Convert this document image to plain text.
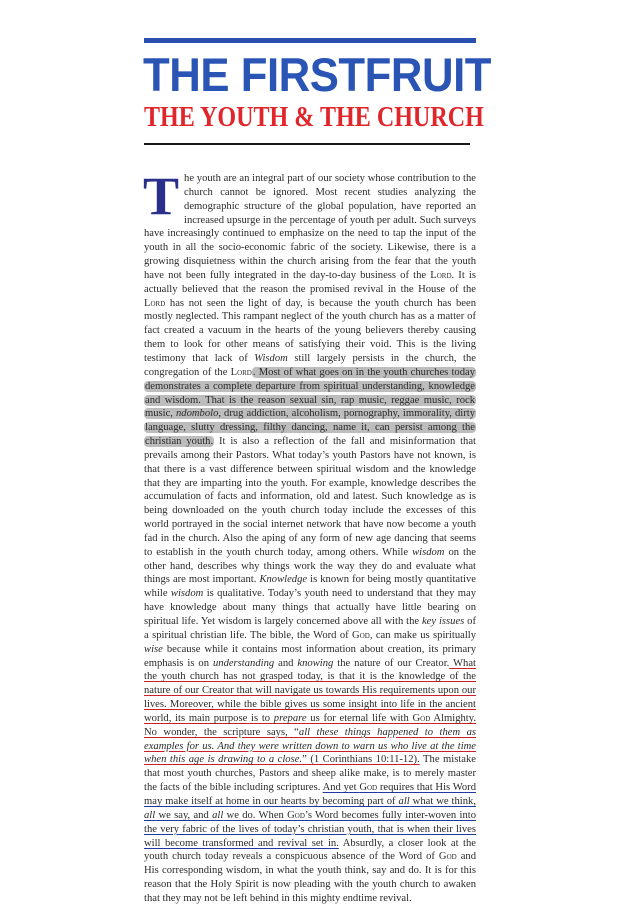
THE FIRSTFRUIT
THE YOUTH & THE CHURCH
The youth are an integral part of our society whose contribution to the church cannot be ignored. Most recent studies analyzing the demographic structure of the global population, have reported an increased upsurge in the percentage of youth per adult. Such surveys have increasingly continued to emphasize on the need to tap the input of the youth in all the socio-economic fabric of the society. Likewise, there is a growing disquietness within the church arising from the fear that the youth have not been fully integrated in the day-to-day business of the Lord. It is actually believed that the reason the promised revival in the House of the Lord has not seen the light of day, is because the youth church has been mostly neglected. This rampant neglect of the youth church has as a matter of fact created a vacuum in the hearts of the young believers thereby causing them to look for other means of satisfying their void. This is the living testimony that lack of Wisdom still largely persists in the church, the congregation of the Lord. Most of what goes on in the youth churches today demonstrates a complete departure from spiritual understanding, knowledge and wisdom. That is the reason sexual sin, rap music, reggae music, rock music, ndombolo, drug addiction, alcoholism, pornography, immorality, dirty language, slutty dressing, filthy dancing, name it, can persist among the christian youth. It is also a reflection of the fall and misinformation that prevails among their Pastors. What today’s youth Pastors have not known, is that there is a vast difference between spiritual wisdom and the knowledge that they are imparting into the youth. For example, knowledge describes the accumulation of facts and information, old and latest. Such knowledge as is being downloaded on the youth church today include the excesses of this world portrayed in the social internet network that have now become a youth fad in the church. Also the aping of any form of new age dancing that seems to establish in the youth church today, among others. While wisdom on the other hand, describes why things work the way they do and evaluate what things are most important. Knowledge is known for being mostly quantitative while wisdom is qualitative. Today’s youth need to understand that they may have knowledge about many things that actually have little bearing on spiritual life. Yet wisdom is largely concerned above all with the key issues of a spiritual christian life. The bible, the Word of God, can make us spiritually wise because while it contains most information about creation, its primary emphasis is on understanding and knowing the nature of our Creator. What the youth church has not grasped today, is that it is the knowledge of the nature of our Creator that will navigate us towards His requirements upon our lives. Moreover, while the bible gives us some insight into life in the ancient world, its main purpose is to prepare us for eternal life with God Almighty. No wonder, the scripture says, “all these things happened to them as examples for us. And they were written down to warn us who live at the time when this age is drawing to a close.” (1 Corinthians 10:11-12). The mistake that most youth churches, Pastors and sheep alike make, is to merely master the facts of the bible including scriptures. And yet God requires that His Word may make itself at home in our hearts by becoming part of all what we think, all we say, and all we do. When God’s Word becomes fully inter-woven into the very fabric of the lives of today’s christian youth, that is when their lives will become transformed and revival set in. Absurdly, a closer look at the youth church today reveals a conspicuous absence of the Word of God and His corresponding wisdom, in what the youth think, say and do. It is for this reason that the Holy Spirit is now pleading with the youth church to awaken that they may not be left behind in this mighty endtime revival.
